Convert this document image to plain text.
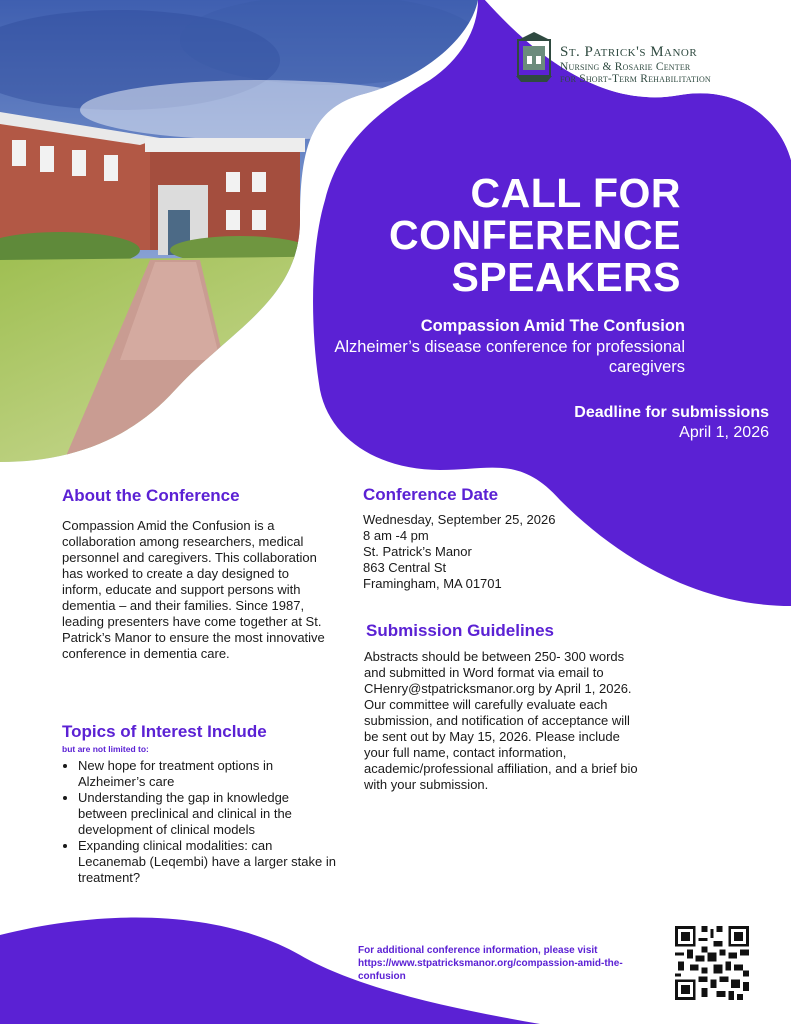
St. Patrick's Manor
Nursing & Rosarie Center
for Short-Term Rehabilitation
CALL FOR
CONFERENCE
SPEAKERS
Compassion Amid The Confusion
Alzheimer’s disease conference for professional caregivers
Deadline for submissions
April 1, 2026
About the Conference
Compassion Amid the Confusion is a collaboration among researchers, medical personnel and caregivers. This collaboration has worked to create a day designed to inform, educate and support persons with dementia – and their families. Since 1987, leading presenters have come together at St. Patrick’s Manor to ensure the most innovative conference in dementia care.
Topics of Interest Include
but are not limited to:
• New hope for treatment options in Alzheimer’s care
• Understanding the gap in knowledge between preclinical and clinical in the development of clinical models
• Expanding clinical modalities: can Lecanemab (Leqembi) have a larger stake in treatment?
Conference Date
Wednesday, September 25, 2026
8 am -4 pm
St. Patrick’s Manor
863 Central St
Framingham, MA 01701
Submission Guidelines
Abstracts should be between 250- 300 words and submitted in Word format via email to CHenry@stpatricksmanor.org by April 1, 2026. Our committee will carefully evaluate each submission, and notification of acceptance will be sent out by May 15, 2026. Please include your full name, contact information, academic/professional affiliation, and a brief bio with your submission.
For additional conference information, please visit
https://www.stpatricksmanor.org/compassion-amid-the-confusion
